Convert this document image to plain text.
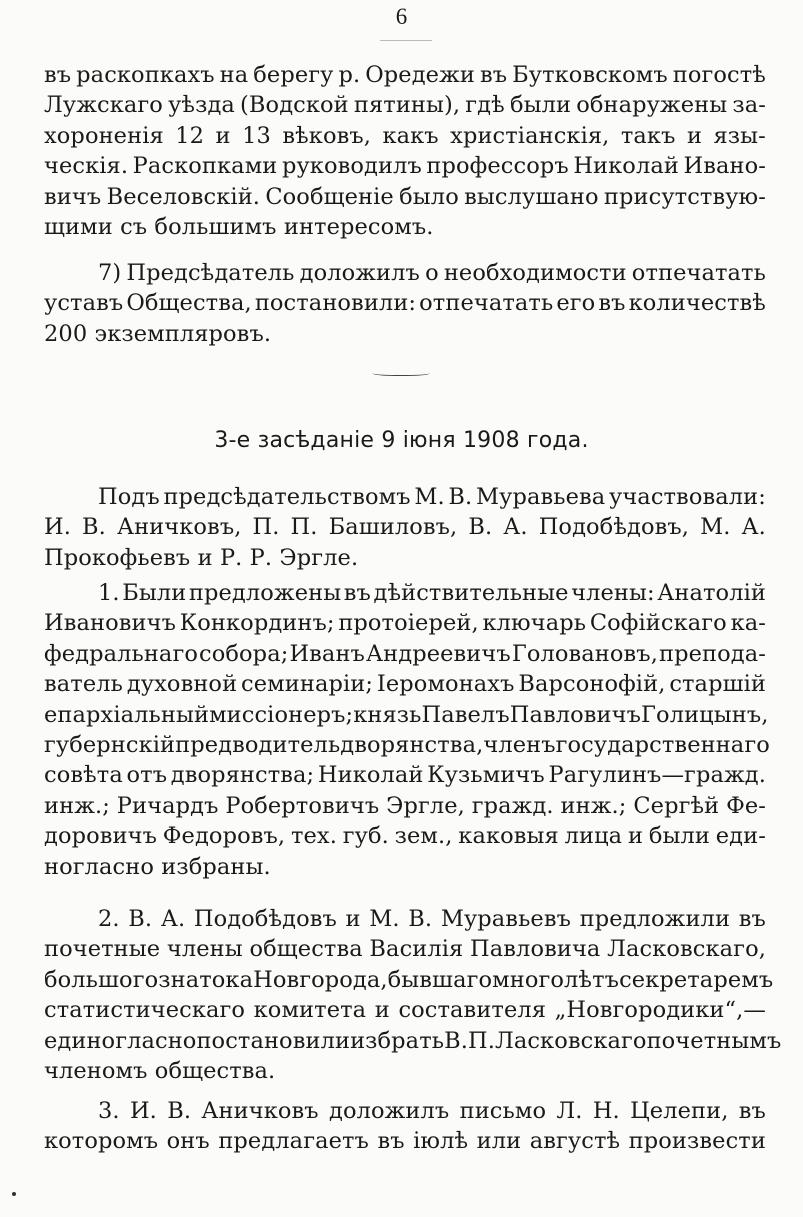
6
въ раскопкахъ на берегу р. Оредежи въ Бутковскомъ погостѣ
Лужскаго уѣзда (Водской пятины), гдѣ были обнаружены за-
хороненія 12 и 13 вѣковъ, какъ христіанскія, такъ и язы-
ческія. Раскопками руководилъ профессоръ Николай Ивано-
вичъ Веселовскій. Сообщеніе было выслушано присутствую-
щими съ большимъ интересомъ.
7) Предсѣдатель доложилъ о необходимости отпечатать
уставъ Общества, постановили: отпечатать его въ количествѣ
200 экземпляровъ.
3-е засѣданіе 9 іюня 1908 года.
Подъ предсѣдательствомъ М. В. Муравьева участвовали:
И. В. Аничковъ, П. П. Башиловъ, В. А. Подобѣдовъ, М. А.
Прокофьевъ и Р. Р. Эргле.
1. Были предложены въ дѣйствительные члены: Анатолій
Ивановичъ Конкординъ; протоіерей, ключарь Софійскаго ка-
федральнаго собора; Иванъ Андреевичъ Головановъ, препода-
ватель духовной семинаріи; Іеромонахъ Варсонофій, старшій
епархіальный миссіонеръ; князь Павелъ Павловичъ Голицынъ,
губернскій предводитель дворянства, членъ государственнаго
совѣта отъ дворянства; Николай Кузьмичъ Рагулинъ—гражд.
инж.; Ричардъ Робертовичъ Эргле, гражд. инж.; Сергѣй Фе-
доровичъ Федоровъ, тех. губ. зем., каковыя лица и были еди-
ногласно избраны.
2. В. А. Подобѣдовъ и М. В. Муравьевъ предложили въ
почетные члены общества Василія Павловича Ласковскаго,
большого знатока Новгорода, бывшаго много лѣтъ секретаремъ
статистическаго комитета и составителя „Новгородики“,—
единогласно постановили избрать В. П. Ласковскаго почетнымъ
членомъ общества.
3. И. В. Аничковъ доложилъ письмо Л. Н. Целепи, въ
которомъ онъ предлагаетъ въ іюлѣ или августѣ произвести
